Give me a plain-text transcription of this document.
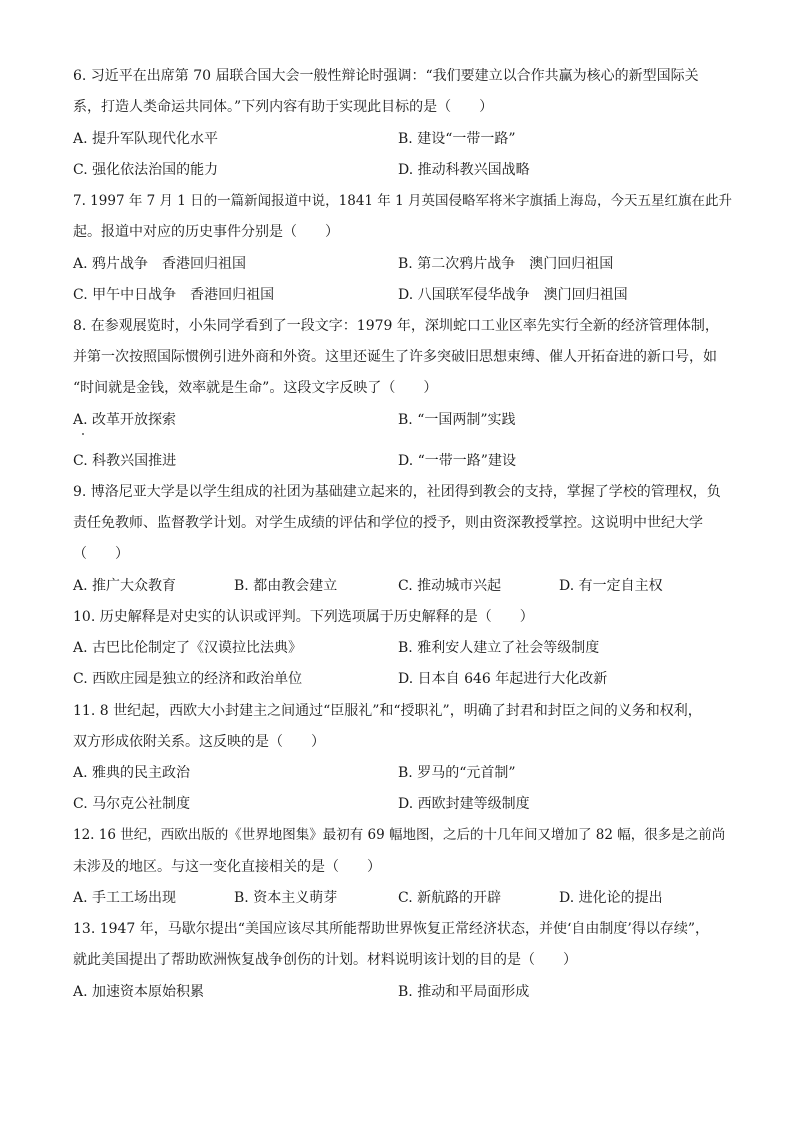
6. 习近平在出席第 70 届联合国大会一般性辩论时强调：“我们要建立以合作共赢为核心的新型国际关
系，打造人类命运共同体。”下列内容有助于实现此目标的是（　　）
A. 提升军队现代化水平	B. 建设“一带一路”
C. 强化依法治国的能力	D. 推动科教兴国战略
7. 1997 年 7 月 1 日的一篇新闻报道中说，1841 年 1 月英国侵略军将米字旗插上海岛，今天五星红旗在此升
起。报道中对应的历史事件分别是（　　）
A. 鸦片战争　香港回归祖国	B. 第二次鸦片战争　澳门回归祖国
C. 甲午中日战争　香港回归祖国	D. 八国联军侵华战争　澳门回归祖国
8. 在参观展览时，小朱同学看到了一段文字：1979 年，深圳蛇口工业区率先实行全新的经济管理体制，
并第一次按照国际惯例引进外商和外资。这里还诞生了许多突破旧思想束缚、催人开拓奋进的新口号，如
“时间就是金钱，效率就是生命”。这段文字反映了（　　）
A. 改革开放探索	B. “一国两制”实践
C. 科教兴国推进	D. “一带一路”建设
9. 博洛尼亚大学是以学生组成的社团为基础建立起来的，社团得到教会的支持，掌握了学校的管理权，负
责任免教师、监督教学计划。对学生成绩的评估和学位的授予，则由资深教授掌控。这说明中世纪大学
（　　）
A. 推广大众教育	B. 都由教会建立	C. 推动城市兴起	D. 有一定自主权
10. 历史解释是对史实的认识或评判。下列选项属于历史解释的是（　　）
A. 古巴比伦制定了《汉谟拉比法典》	B. 雅利安人建立了社会等级制度
C. 西欧庄园是独立的经济和政治单位	D. 日本自 646 年起进行大化改新
11. 8 世纪起，西欧大小封建主之间通过“臣服礼”和“授职礼”，明确了封君和封臣之间的义务和权利，
双方形成依附关系。这反映的是（　　）
A. 雅典的民主政治	B. 罗马的“元首制”
C. 马尔克公社制度	D. 西欧封建等级制度
12. 16 世纪，西欧出版的《世界地图集》最初有 69 幅地图，之后的十几年间又增加了 82 幅，很多是之前尚
未涉及的地区。与这一变化直接相关的是（　　）
A. 手工工场出现	B. 资本主义萌芽	C. 新航路的开辟	D. 进化论的提出
13. 1947 年，马歇尔提出“美国应该尽其所能帮助世界恢复正常经济状态，并使‘自由制度’得以存续”，
就此美国提出了帮助欧洲恢复战争创伤的计划。材料说明该计划的目的是（　　）
A. 加速资本原始积累	B. 推动和平局面形成
